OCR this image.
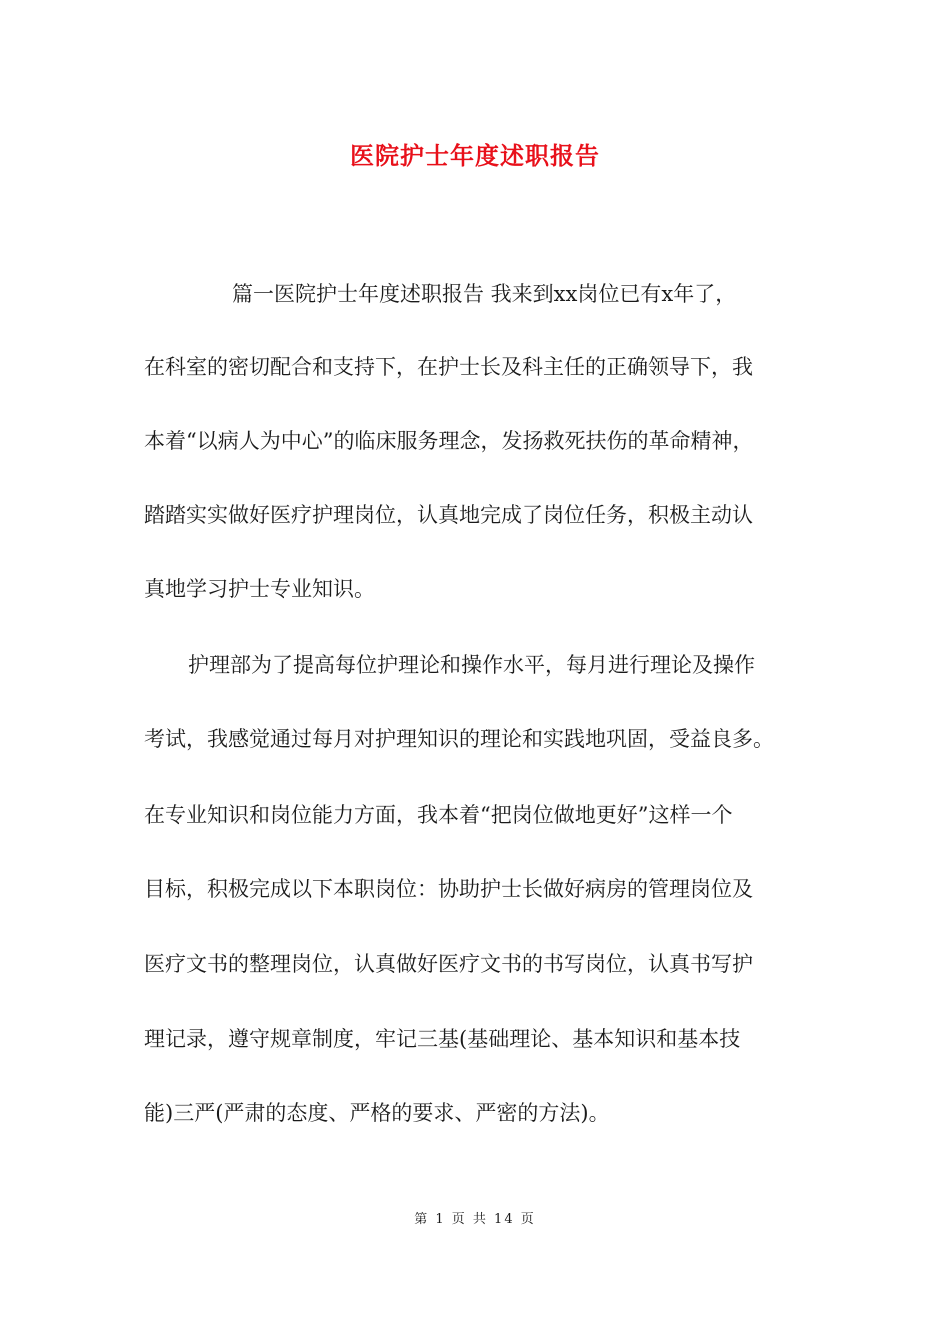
医院护士年度述职报告
篇一医院护士年度述职报告 我来到xx岗位已有x年了，
在科室的密切配合和支持下，在护士长及科主任的正确领导下，我
本着“以病人为中心”的临床服务理念，发扬救死扶伤的革命精神，
踏踏实实做好医疗护理岗位，认真地完成了岗位任务，积极主动认
真地学习护士专业知识。
护理部为了提高每位护理论和操作水平，每月进行理论及操作
考试，我感觉通过每月对护理知识的理论和实践地巩固，受益良多。
在专业知识和岗位能力方面，我本着“把岗位做地更好”这样一个
目标，积极完成以下本职岗位：协助护士长做好病房的管理岗位及
医疗文书的整理岗位，认真做好医疗文书的书写岗位，认真书写护
理记录，遵守规章制度，牢记三基(基础理论、基本知识和基本技
能)三严(严肃的态度、严格的要求、严密的方法)。
第 1 页 共 14 页
